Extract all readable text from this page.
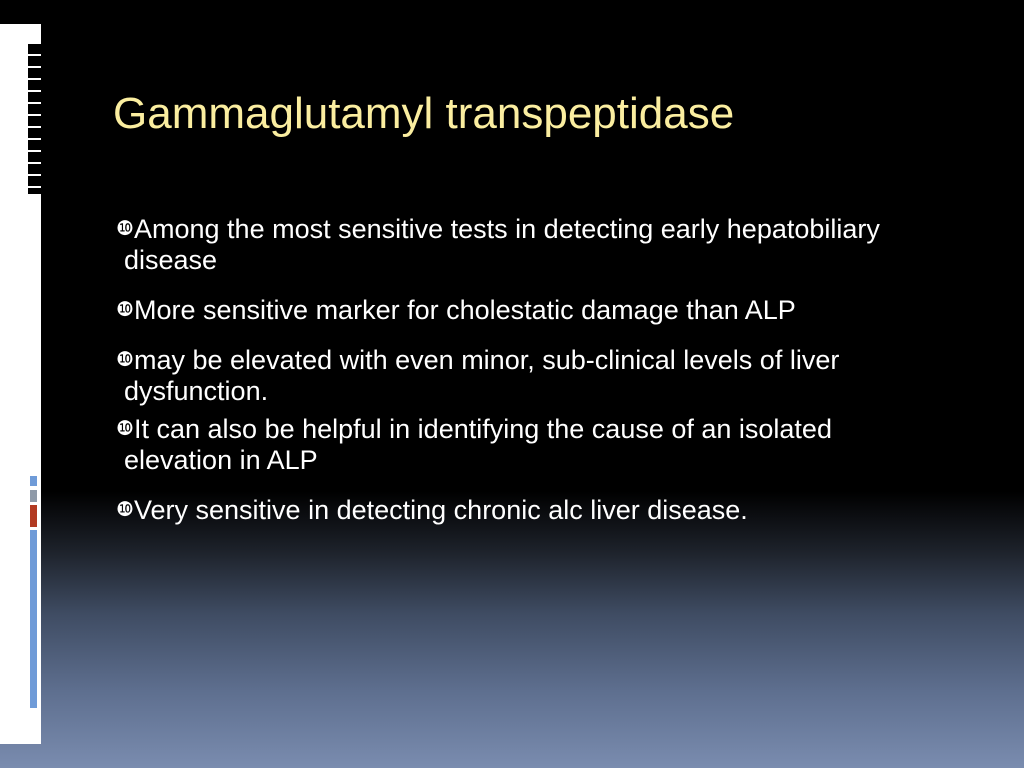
Gammaglutamyl transpeptidase
❿ Among the most sensitive tests in detecting early hepatobiliary disease
❿ More sensitive marker for cholestatic damage than ALP
❿ may be elevated with even minor, sub-clinical levels of liver dysfunction.
❿ It can also be helpful in identifying the cause of an isolated elevation in ALP
❿ Very sensitive in detecting chronic alc liver disease.
